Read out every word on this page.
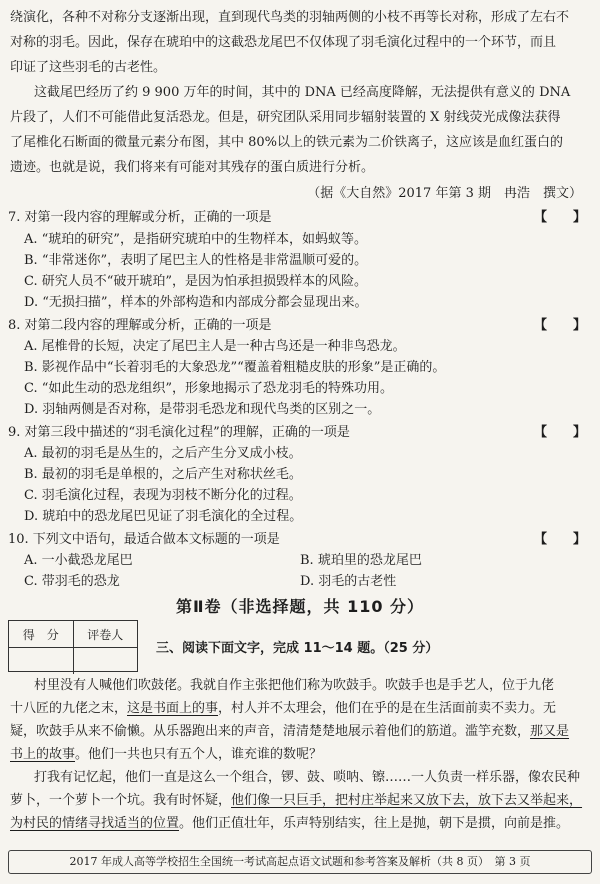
绕演化，各种不对称分支逐渐出现，直到现代鸟类的羽轴两侧的小枝不再等长对称，形成了左右不
对称的羽毛。因此，保存在琥珀中的这截恐龙尾巴不仅体现了羽毛演化过程中的一个环节，而且
印证了这些羽毛的古老性。
这截尾巴经历了约 9 900 万年的时间，其中的 DNA 已经高度降解，无法提供有意义的 DNA
片段了，人们不可能借此复活恐龙。但是，研究团队采用同步辐射装置的 X 射线荧光成像法获得
了尾椎化石断面的微量元素分布图，其中 80%以上的铁元素为二价铁离子，这应该是血红蛋白的
遗迹。也就是说，我们将来有可能对其残存的蛋白质进行分析。
（据《大自然》2017 年第 3 期　冉浩　撰文）
7. 对第一段内容的理解或分析，正确的一项是	【　　】
A. “琥珀的研究”，是指研究琥珀中的生物样本，如蚂蚁等。
B. “非常迷你”，表明了尾巴主人的性格是非常温顺可爱的。
C. 研究人员不“破开琥珀”，是因为怕承担损毁样本的风险。
D. “无损扫描”，样本的外部构造和内部成分都会显现出来。
8. 对第二段内容的理解或分析，正确的一项是	【　　】
A. 尾椎骨的长短，决定了尾巴主人是一种古鸟还是一种非鸟恐龙。
B. 影视作品中“长着羽毛的大象恐龙”“覆盖着粗糙皮肤的形象”是正确的。
C. “如此生动的恐龙组织”，形象地揭示了恐龙羽毛的特殊功用。
D. 羽轴两侧是否对称，是带羽毛恐龙和现代鸟类的区别之一。
9. 对第三段中描述的“羽毛演化过程”的理解，正确的一项是	【　　】
A. 最初的羽毛是丛生的，之后产生分叉成小枝。
B. 最初的羽毛是单根的，之后产生对称状丝毛。
C. 羽毛演化过程，表现为羽枝不断分化的过程。
D. 琥珀中的恐龙尾巴见证了羽毛演化的全过程。
第Ⅱ卷（非选择题，共 110 分）
得　分	评卷人
三、阅读下面文字，完成 11～14 题。（25 分）
村里没有人喊他们吹鼓佬。我就自作主张把他们称为吹鼓手。吹鼓手也是手艺人，位于九佬
十八匠的九佬之末，这是书面上的事，村人并不太理会，他们在乎的是在生活面前卖不卖力。无
疑，吹鼓手从来不偷懒。从乐器跑出来的声音，清清楚楚地展示着他们的筋道。滥竽充数，那又是
书上的故事。他们一共也只有五个人，谁充谁的数呢？
打我有记忆起，他们一直是这么一个组合，锣、鼓、唢呐、镲……一人负责一样乐器，像农民种
萝卜，一个萝卜一个坑。我有时怀疑，他们像一只巨手，把村庄举起来又放下去，放下去又举起来，
2017 年成人高等学校招生全国统一考试高起点语文试题和参考答案及解析（共 8 页）　第 3 页
10. 下列文中语句，最适合做本文标题的一项是	【　　】
A. 一小截恐龙尾巴	B. 琥珀里的恐龙尾巴
C. 带羽毛的恐龙	D. 羽毛的古老性
为村民的情绪寻找适当的位置。他们正值壮年，乐声特别结实，往上是抛，朝下是掼，向前是推。
